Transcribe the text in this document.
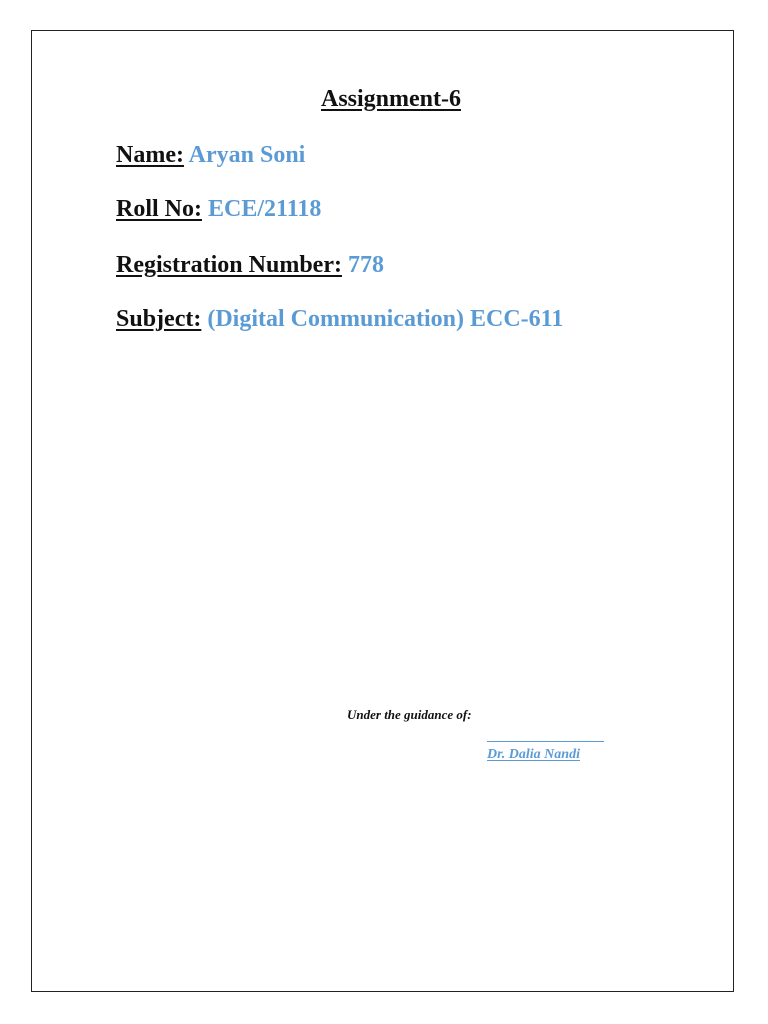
Assignment-6
Name: Aryan Soni
Roll No: ECE/21118
Registration Number: 778
Subject: (Digital Communication) ECC-611
Under the guidance of:
Dr. Dalia Nandi
